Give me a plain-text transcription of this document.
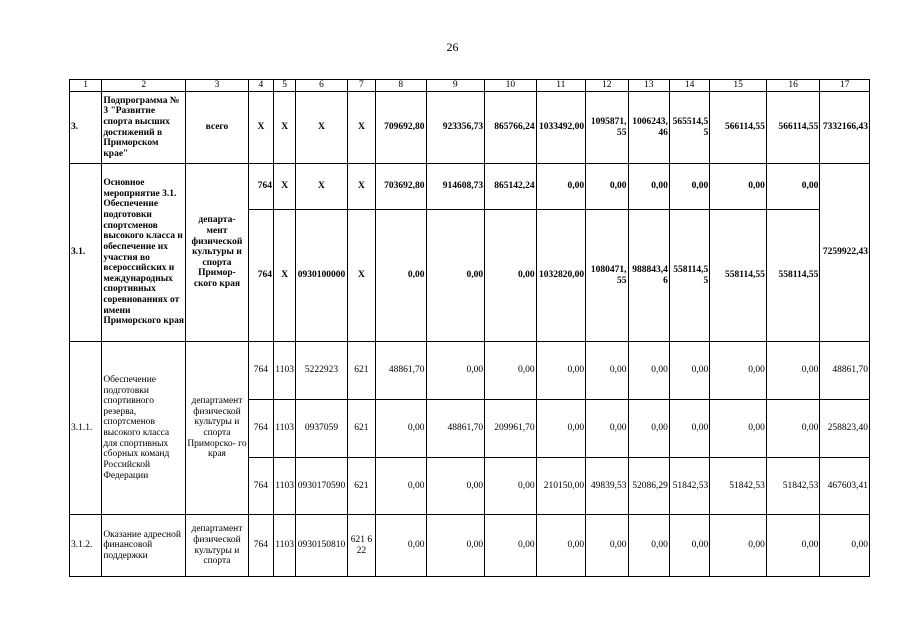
26
1	2	3	4	5	6	7	8	9	10	11	12	13	14	15	16	17
3.	Подпрограмма № 3 "Развитие спорта высших достижений в Приморском крае"	всего	Х	Х	Х	Х	709692,80	923356,73	865766,24	1033492,00	1095871,55	1006243,46	565514,55	566114,55	566114,55	7332166,43
3.1.	Основное мероприятие 3.1. Обеспечение подготовки спортсменов высокого класса и обеспечение их участия во всероссийских и международных спортивных соревнованиях от имени Приморского края	департа- мент физической культуры и спорта Примор- ского края	764	Х	Х	Х	703692,80	914608,73	865142,24	0,00	0,00	0,00	0,00	0,00	0,00	7259922,43
			764	Х	0930100000	Х	0,00	0,00	0,00	1032820,00	1080471,55	988843,46	558114,55	558114,55	558114,55	
3.1.1.	Обеспечение подготовки спортивного резерва, спортсменов высокого класса для спортивных сборных команд Российской Федерации	департамент физической культуры и спорта Приморско- го края	764	1103	5222923	621	48861,70	0,00	0,00	0,00	0,00	0,00	0,00	0,00	0,00	48861,70
			764	1103	0937059	621	0,00	48861,70	209961,70	0,00	0,00	0,00	0,00	0,00	0,00	258823,40
			764	1103	0930170590	621	0,00	0,00	0,00	210150,00	49839,53	52086,29	51842,53	51842,53	51842,53	467603,41
3.1.2.	Оказание адресной финансовой поддержки	департамент физической культуры и спорта	764	1103	0930150810	621 622	0,00	0,00	0,00	0,00	0,00	0,00	0,00	0,00	0,00	0,00
